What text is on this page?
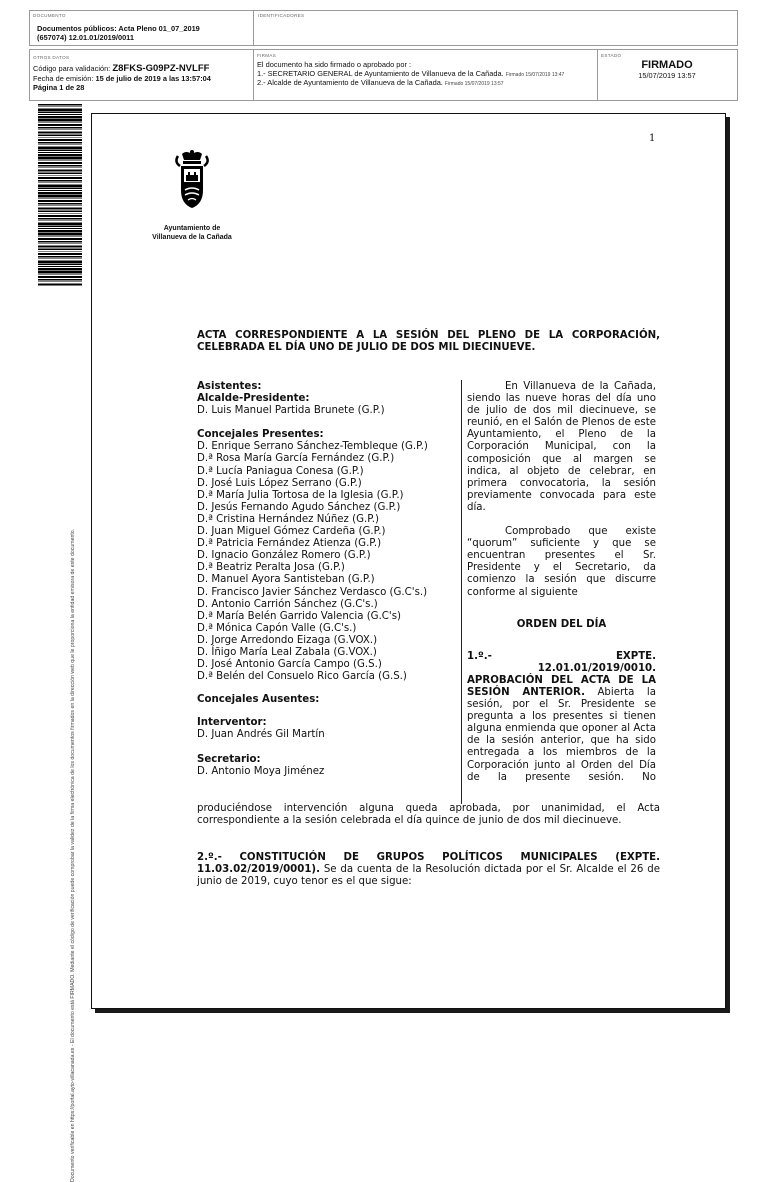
DOCUMENTO
Documentos públicos: Acta Pleno 01_07_2019
(657074) 12.01.01/2019/0011
IDENTIFICADORES
OTROS DATOS
Código para validación: Z8FKS-G09PZ-NVLFF
Fecha de emisión: 15 de julio de 2019 a las 13:57:04
Página 1 de 28
FIRMAS
El documento ha sido firmado o aprobado por :
1.- SECRETARIO GENERAL de Ayuntamiento de Villanueva de la Cañada. Firmado 15/07/2019 13:47
2.- Alcalde de Ayuntamiento de Villanueva de la Cañada. Firmado 15/07/2019 13:57
ESTADO
FIRMADO
15/07/2019 13:57
Documento verificable en https://portal.ayto-villacanada.es - El documento está FIRMADO. Mediante el código de verificación puede comprobar la validez de la firma electrónica de los documentos firmados en la dirección web que le proporciona la entidad emisora de este documento.
1
Ayuntamiento de
Villanueva de la Cañada
ACTA CORRESPONDIENTE A LA SESIÓN DEL PLENO DE LA CORPORACIÓN,
CELEBRADA EL DÍA UNO DE JULIO DE DOS MIL DIECINUEVE.
Asistentes:
Alcalde-Presidente:
D. Luis Manuel Partida Brunete (G.P.)
Concejales Presentes:
D. Enrique Serrano Sánchez-Tembleque (G.P.)
D.ª Rosa María García Fernández (G.P.)
D.ª Lucía Paniagua Conesa (G.P.)
D. José Luis López Serrano (G.P.)
D.ª María Julia Tortosa de la Iglesia (G.P.)
D. Jesús Fernando Agudo Sánchez (G.P.)
D.ª Cristina Hernández Núñez (G.P.)
D. Juan Miguel Gómez Cardeña (G.P.)
D.ª Patricia Fernández Atienza (G.P.)
D. Ignacio González Romero (G.P.)
D.ª Beatriz Peralta Josa (G.P.)
D. Manuel Ayora Santisteban (G.P.)
D. Francisco Javier Sánchez Verdasco (G.C's.)
D. Antonio Carrión Sánchez (G.C's.)
D.ª María Belén Garrido Valencia (G.C's)
D.ª Mónica Capón Valle (G.C's.)
D. Jorge Arredondo Eizaga (G.VOX.)
D. Íñigo María Leal Zabala (G.VOX.)
D. José Antonio García Campo (G.S.)
D.ª Belén del Consuelo Rico García (G.S.)
Concejales Ausentes:
Interventor:
D. Juan Andrés Gil Martín
Secretario:
D. Antonio Moya Jiménez
En Villanueva de la Cañada, siendo las nueve horas del día uno de julio de dos mil diecinueve, se reunió, en el Salón de Plenos de este Ayuntamiento, el Pleno de la Corporación Municipal, con la composición que al margen se indica, al objeto de celebrar, en primera convocatoria, la sesión previamente convocada para este día.
Comprobado que existe “quorum” suficiente y que se encuentran presentes el Sr. Presidente y el Secretario, da comienzo la sesión que discurre conforme al siguiente
ORDEN DEL DÍA
1.º.-	EXPTE.
12.01.01/2019/0010.
APROBACIÓN DEL ACTA DE LA
SESIÓN ANTERIOR. Abierta la sesión, por el Sr. Presidente se pregunta a los presentes si tienen alguna enmienda que oponer al Acta de la sesión anterior, que ha sido entregada a los miembros de la Corporación junto al Orden del Día de la presente sesión. No
produciéndose intervención alguna queda aprobada, por unanimidad, el Acta
correspondiente a la sesión celebrada el día quince de junio de dos mil diecinueve.
2.º.- CONSTITUCIÓN DE GRUPOS POLÍTICOS MUNICIPALES (EXPTE. 11.03.02/2019/0001). Se da cuenta de la Resolución dictada por el Sr. Alcalde el 26 de junio de 2019, cuyo tenor es el que sigue:
